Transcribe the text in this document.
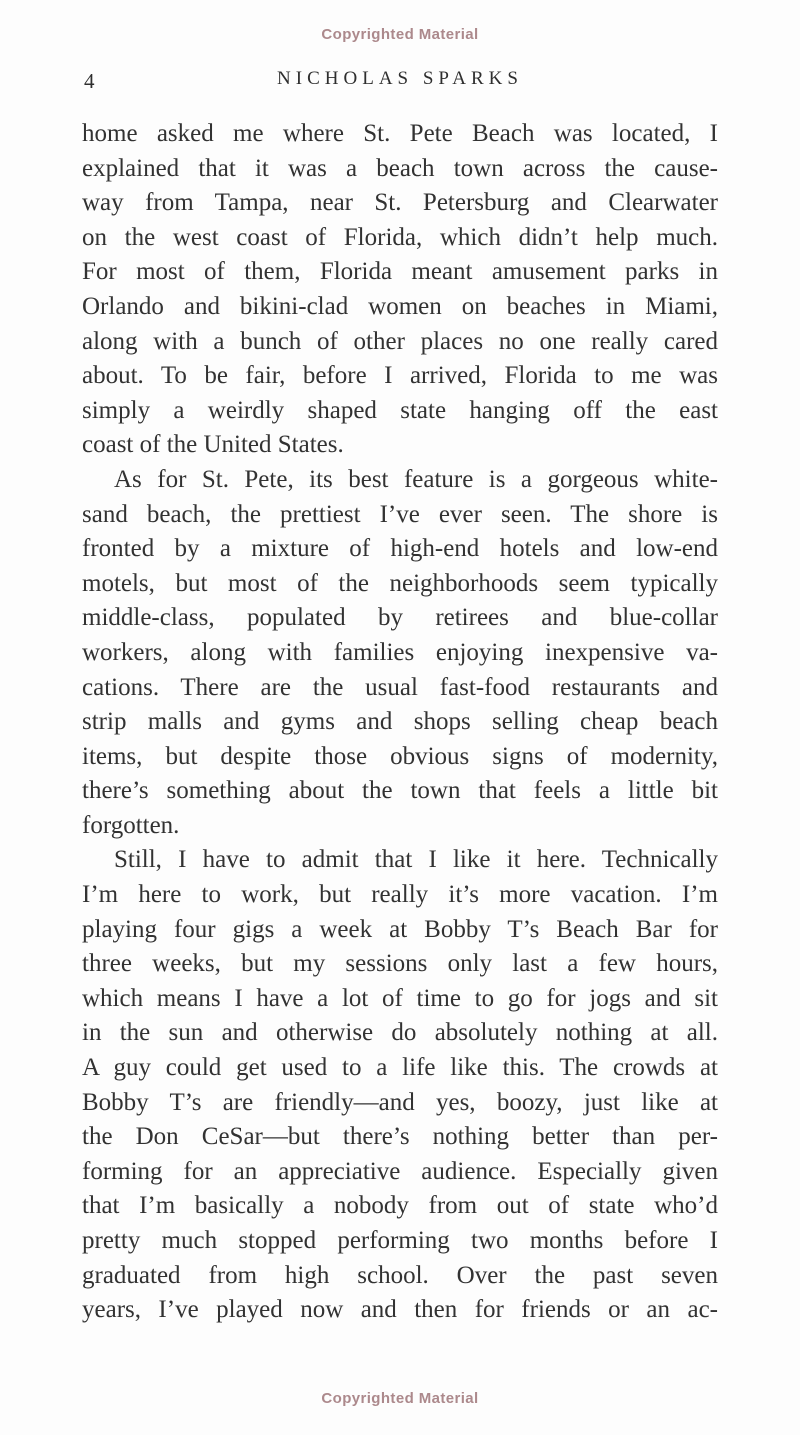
Copyrighted Material
4	NICHOLAS SPARKS
home asked me where St. Pete Beach was located, I
explained that it was a beach town across the cause-
way from Tampa, near St. Petersburg and Clearwater
on the west coast of Florida, which didn’t help much.
For most of them, Florida meant amusement parks in
Orlando and bikini-clad women on beaches in Miami,
along with a bunch of other places no one really cared
about. To be fair, before I arrived, Florida to me was
simply a weirdly shaped state hanging off the east
coast of the United States.
As for St. Pete, its best feature is a gorgeous white-
sand beach, the prettiest I’ve ever seen. The shore is
fronted by a mixture of high-end hotels and low-end
motels, but most of the neighborhoods seem typically
middle-class, populated by retirees and blue-collar
workers, along with families enjoying inexpensive va-
cations. There are the usual fast-food restaurants and
strip malls and gyms and shops selling cheap beach
items, but despite those obvious signs of modernity,
there’s something about the town that feels a little bit
forgotten.
Still, I have to admit that I like it here. Technically
I’m here to work, but really it’s more vacation. I’m
playing four gigs a week at Bobby T’s Beach Bar for
three weeks, but my sessions only last a few hours,
which means I have a lot of time to go for jogs and sit
in the sun and otherwise do absolutely nothing at all.
A guy could get used to a life like this. The crowds at
Bobby T’s are friendly—and yes, boozy, just like at
the Don CeSar—but there’s nothing better than per-
forming for an appreciative audience. Especially given
that I’m basically a nobody from out of state who’d
pretty much stopped performing two months before I
graduated from high school. Over the past seven
years, I’ve played now and then for friends or an ac-
Copyrighted Material
